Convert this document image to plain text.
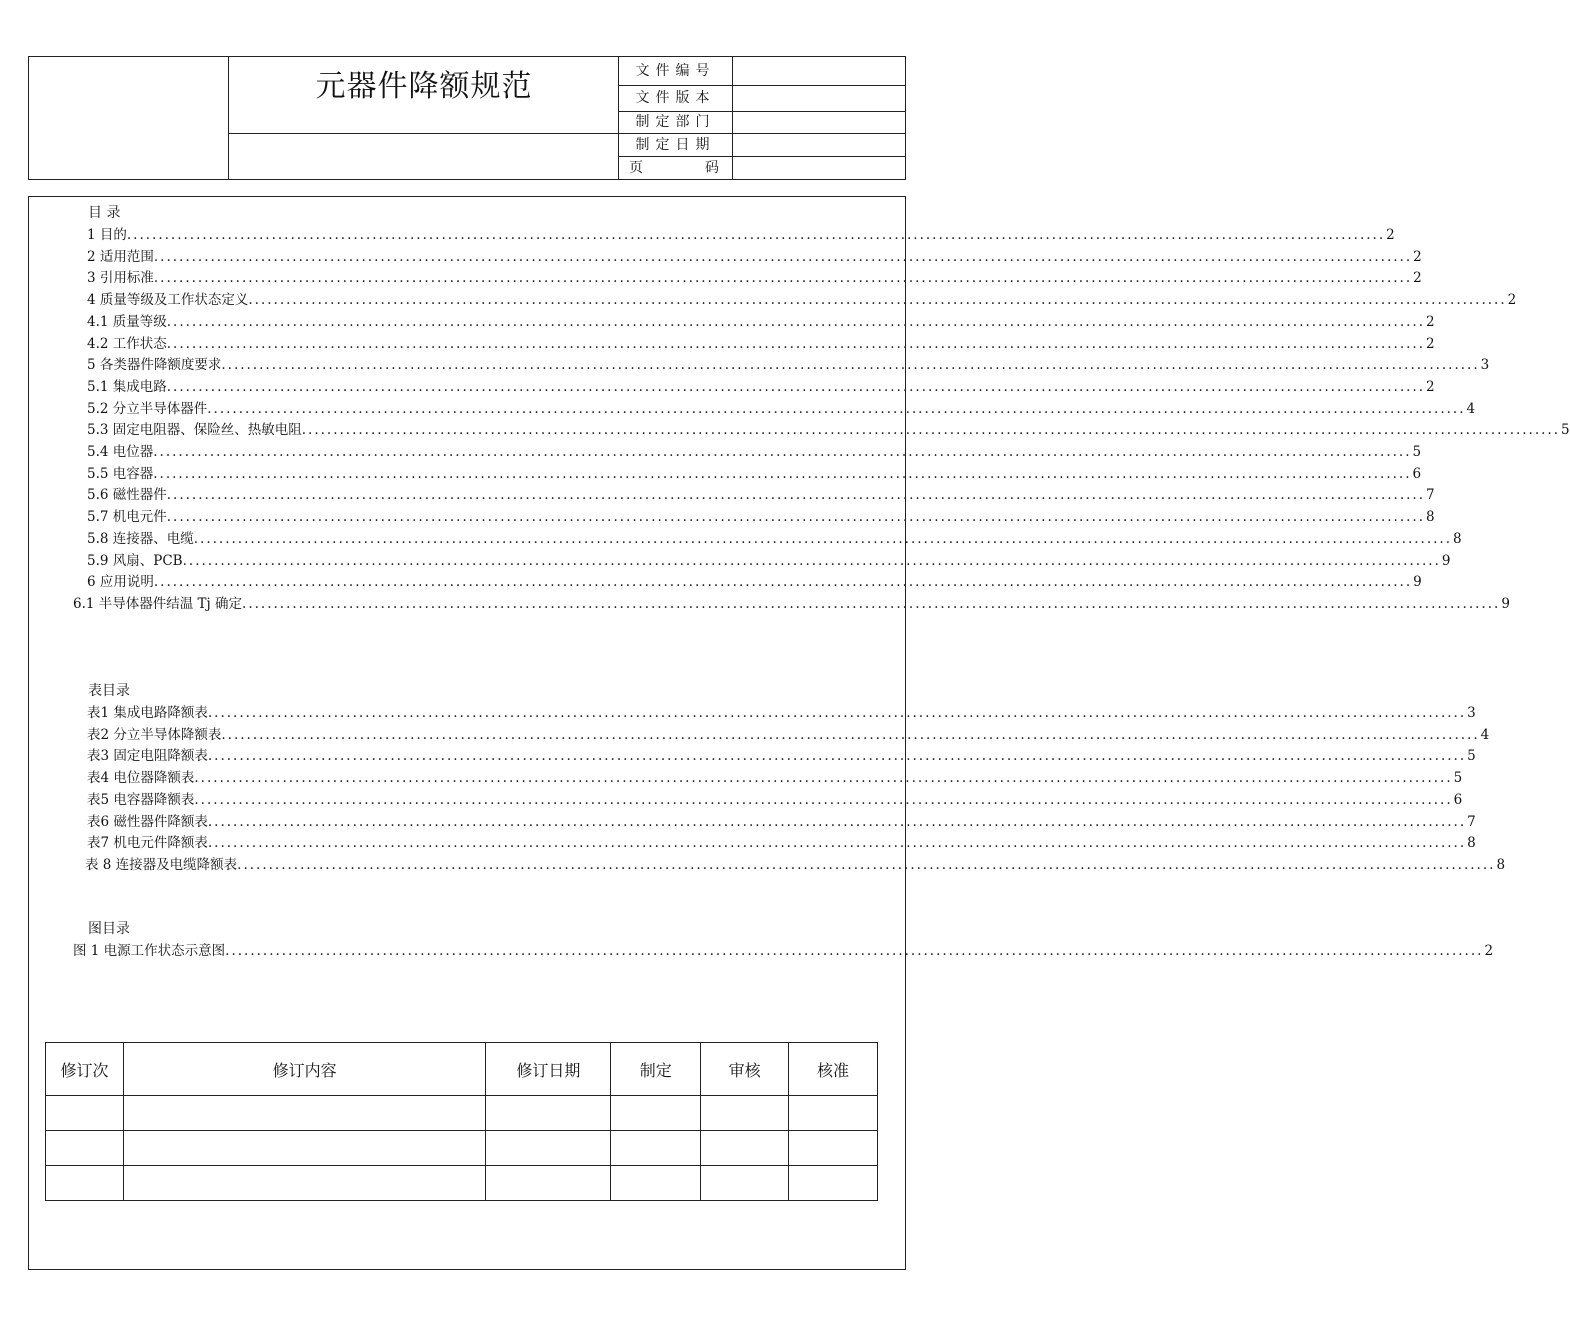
元器件降额规范	文件编号
文件版本
制定部门
制定日期
页	码
目 录
1 目的 ........................................................................................................................................................................................................ 2
2 适用范围 ........................................................................................................................................................................................................ 2
3 引用标准 ........................................................................................................................................................................................................ 2
4 质量等级及工作状态定义 ........................................................................................................................................................................................................ 2
4.1 质量等级 ........................................................................................................................................................................................................ 2
4.2 工作状态 ........................................................................................................................................................................................................ 2
5 各类器件降额度要求 ........................................................................................................................................................................................................ 3
5.1 集成电路 ........................................................................................................................................................................................................ 2
5.2 分立半导体器件 ........................................................................................................................................................................................................ 4
5.3 固定电阻器、保险丝、热敏电阻 ........................................................................................................................................................................................................ 5
5.4 电位器 ........................................................................................................................................................................................................ 5
5.5 电容器 ........................................................................................................................................................................................................ 6
5.6 磁性器件 ........................................................................................................................................................................................................ 7
5.7 机电元件 ........................................................................................................................................................................................................ 8
5.8 连接器、电缆 ........................................................................................................................................................................................................ 8
5.9 风扇、PCB ........................................................................................................................................................................................................ 9
6 应用说明 ........................................................................................................................................................................................................ 9
6.1 半导体器件结温 Tj 确定 ........................................................................................................................................................................................................ 9
表目录
表1 集成电路降额表 ........................................................................................................................................................................................................ 3
表2 分立半导体降额表 ........................................................................................................................................................................................................ 4
表3 固定电阻降额表 ........................................................................................................................................................................................................ 5
表4 电位器降额表 ........................................................................................................................................................................................................ 5
表5 电容器降额表 ........................................................................................................................................................................................................ 6
表6 磁性器件降额表 ........................................................................................................................................................................................................ 7
表7 机电元件降额表 ........................................................................................................................................................................................................ 8
表 8 连接器及电缆降额表 ........................................................................................................................................................................................................ 8
图目录
图 1 电源工作状态示意图 ........................................................................................................................................................................................................ 2
修订次	修订内容	修订日期	制定	审核	核准
